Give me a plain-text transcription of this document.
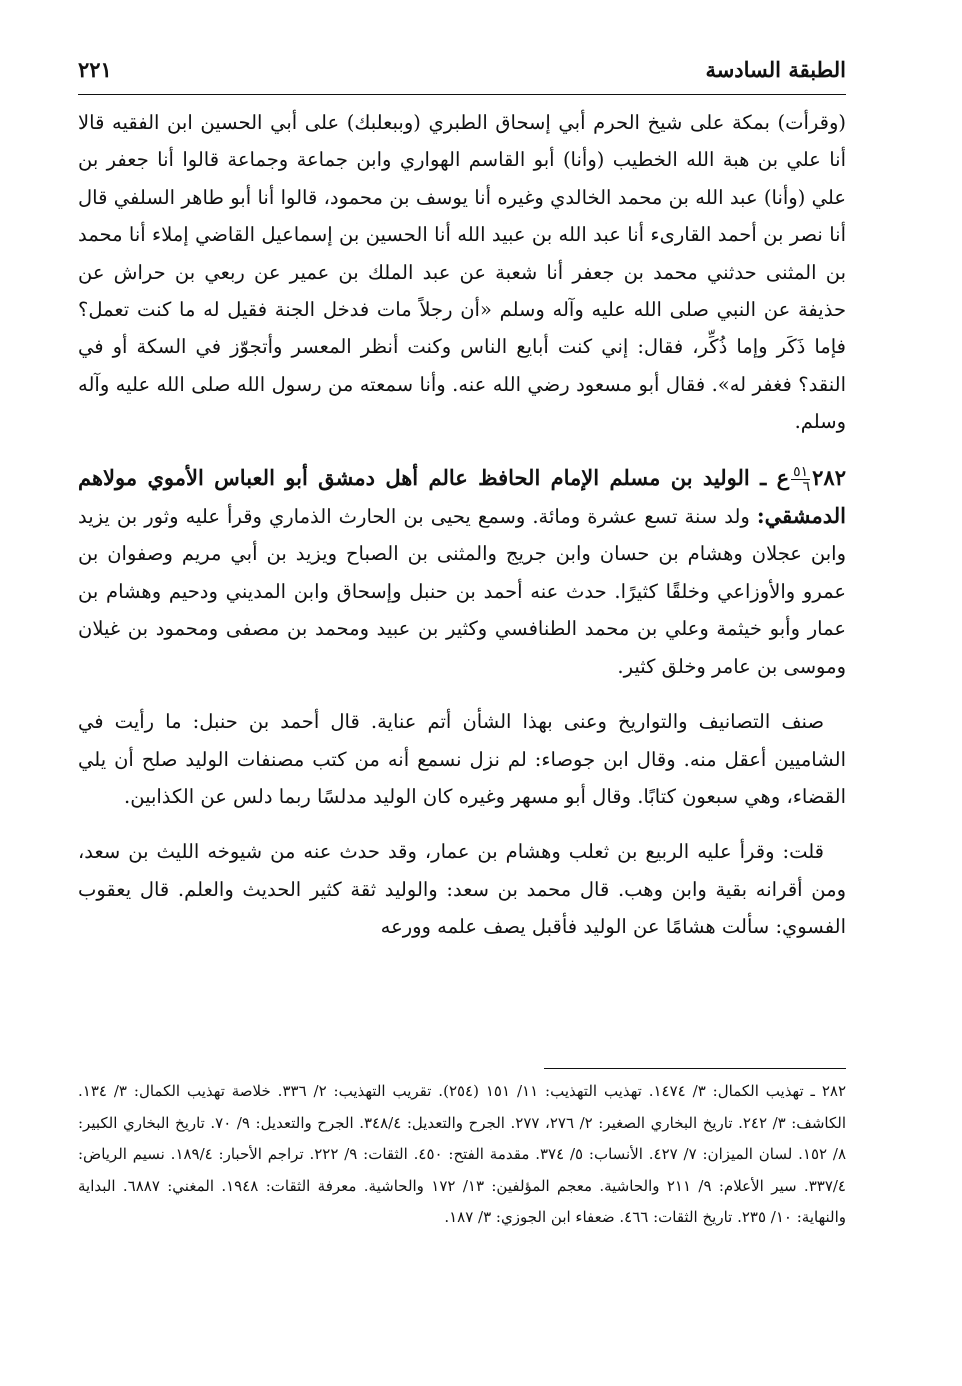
الطبقة السادسة
٢٢١

(وقرأت) بمكة على شيخ الحرم أبي إسحاق الطبري (وببعلبك) على أبي الحسين ابن الفقيه قالا أنا علي بن هبة الله الخطيب (وأنا) أبو القاسم الهواري وابن جماعة وجماعة قالوا أنا جعفر بن علي (وأنا) عبد الله بن محمد الخالدي وغيره أنا يوسف بن محمود، قالوا أنا أبو طاهر السلفي قال أنا نصر بن أحمد القارىء أنا عبد الله بن عبيد الله أنا الحسين بن إسماعيل القاضي إملاء أنا محمد بن المثنى حدثني محمد بن جعفر أنا شعبة عن عبد الملك بن عمير عن ربعي بن حراش عن حذيفة عن النبي صلى الله عليه وآله وسلم «أن رجلاً مات فدخل الجنة فقيل له ما كنت تعمل؟ فإما ذَكَر وإما ذُكِّر، فقال: إني كنت أبايع الناس وكنت أنظر المعسر وأتجوّز في السكة أو في النقد؟ فغفر له». فقال أبو مسعود رضي الله عنه. وأنا سمعته من رسول الله صلى الله عليه وآله وسلم.

٢٨٢
$\frac{٥١}{٦}$
ع ـ الوليد بن مسلم الإمام الحافظ عالم أهل دمشق أبو العباس الأموي مولاهم الدمشقي: ولد سنة تسع عشرة ومائة. وسمع يحيى بن الحارث الذماري وقرأ عليه وثور بن يزيد وابن عجلان وهشام بن حسان وابن جريج والمثنى بن الصباح ويزيد بن أبي مريم وصفوان بن عمرو والأوزاعي وخلقًا كثيرًا. حدث عنه أحمد بن حنبل وإسحاق وابن المديني ودحيم وهشام بن عمار وأبو خيثمة وعلي بن محمد الطنافسي وكثير بن عبيد ومحمد بن مصفى ومحمود بن غيلان وموسى بن عامر وخلق كثير.

صنف التصانيف والتواريخ وعنى بهذا الشأن أتم عناية. قال أحمد بن حنبل: ما رأيت في الشاميين أعقل منه. وقال ابن جوصاء: لم نزل نسمع أنه من كتب مصنفات الوليد صلح أن يلي القضاء، وهي سبعون كتابًا. وقال أبو مسهر وغيره كان الوليد مدلسًا ربما دلس عن الكذابين.

قلت: وقرأ عليه الربيع بن ثعلب وهشام بن عمار، وقد حدث عنه من شيوخه الليث بن سعد، ومن أقرانه بقية وابن وهب. قال محمد بن سعد: والوليد ثقة كثير الحديث والعلم. قال يعقوب الفسوي: سألت هشامًا عن الوليد فأقبل يصف علمه وورعه

٢٨٢ ـ تهذيب الكمال: ٣/ ١٤٧٤. تهذيب التهذيب: ١١/ ١٥١ (٢٥٤). تقريب التهذيب: ٢/ ٣٣٦. خلاصة تهذيب الكمال: ٣/ ١٣٤. الكاشف: ٣/ ٢٤٢. تاريخ البخاري الصغير: ٢/ ٢٧٦، ٢٧٧. الجرح والتعديل: ٣٤٨/٤. الجرح والتعديل: ٩/ ٧٠. تاريخ البخاري الكبير: ٨/ ١٥٢. لسان الميزان: ٧/ ٤٢٧. الأنساب: ٥/ ٣٧٤. مقدمة الفتح: ٤٥٠. الثقات: ٩/ ٢٢٢. تراجم الأحبار: ١٨٩/٤. نسيم الرياض: ٣٣٧/٤. سير الأعلام: ٩/ ٢١١ والحاشية. معجم المؤلفين: ١٣/ ١٧٢ والحاشية. معرفة الثقات: ١٩٤٨. المغني: ٦٨٨٧. البداية والنهاية: ١٠/ ٢٣٥. تاريخ الثقات: ٤٦٦. ضعفاء ابن الجوزي: ٣/ ١٨٧.
